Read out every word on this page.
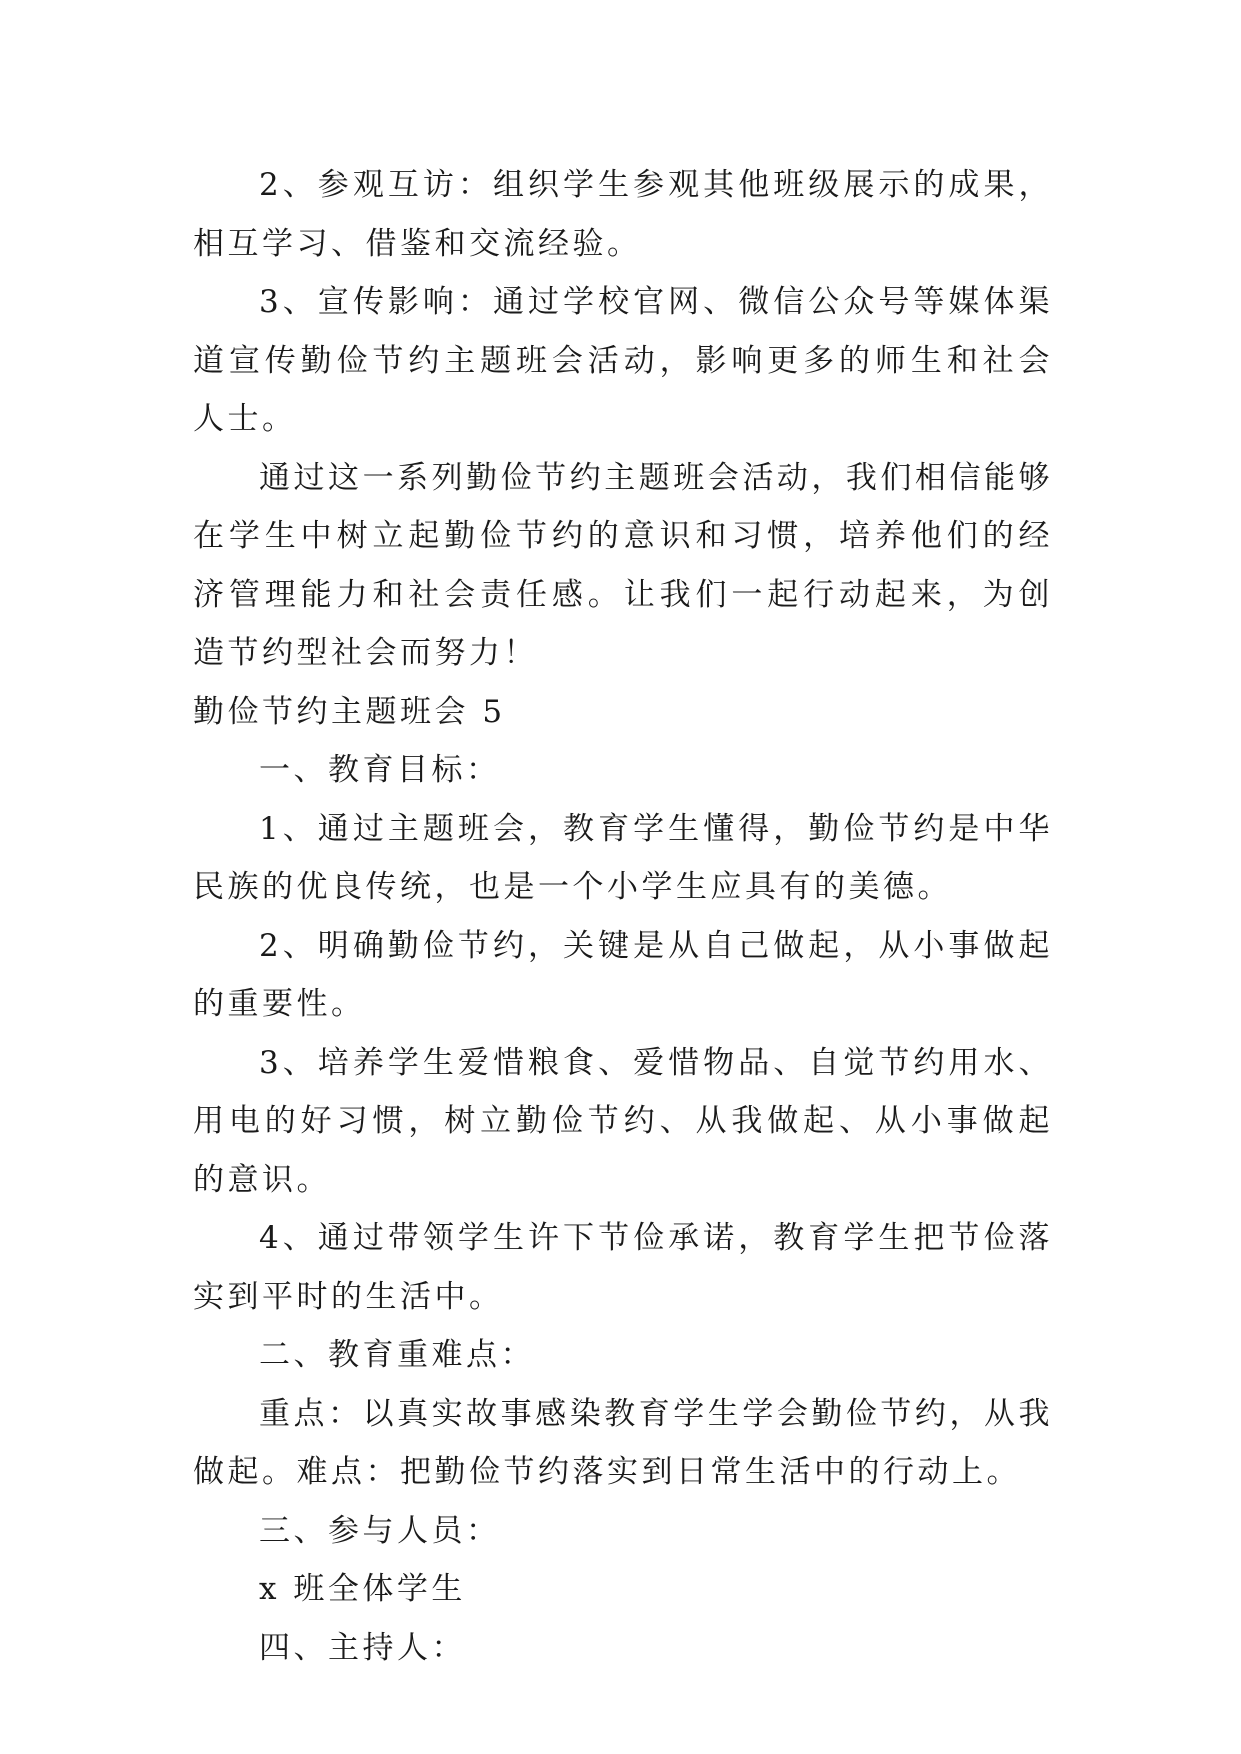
2、参观互访：组织学生参观其他班级展示的成果，相互学习、借鉴和交流经验。

3、宣传影响：通过学校官网、微信公众号等媒体渠道宣传勤俭节约主题班会活动，影响更多的师生和社会人士。

通过这一系列勤俭节约主题班会活动，我们相信能够在学生中树立起勤俭节约的意识和习惯，培养他们的经济管理能力和社会责任感。让我们一起行动起来，为创造节约型社会而努力！

勤俭节约主题班会 5

一、教育目标：

1、通过主题班会，教育学生懂得，勤俭节约是中华民族的优良传统，也是一个小学生应具有的美德。

2、明确勤俭节约，关键是从自己做起，从小事做起的重要性。

3、培养学生爱惜粮食、爱惜物品、自觉节约用水、用电的好习惯，树立勤俭节约、从我做起、从小事做起的意识。

4、通过带领学生许下节俭承诺，教育学生把节俭落实到平时的生活中。

二、教育重难点：

重点：以真实故事感染教育学生学会勤俭节约，从我做起。难点：把勤俭节约落实到日常生活中的行动上。

三、参与人员：

x 班全体学生

四、主持人：
